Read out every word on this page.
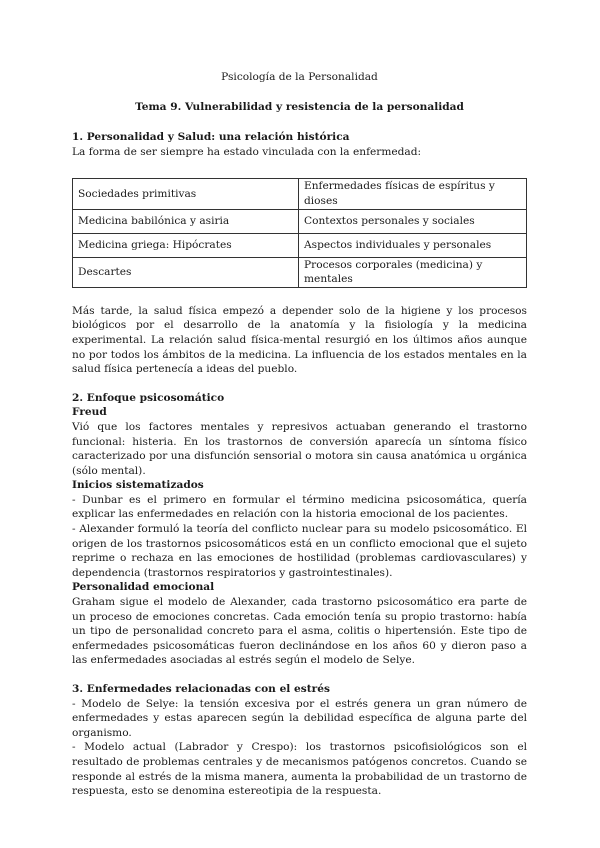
Psicología de la Personalidad
Tema 9. Vulnerabilidad y resistencia de la personalidad
1. Personalidad y Salud: una relación histórica

La forma de ser siempre ha estado vinculada con la enfermedad:

Sociedades primitivas	Enfermedades físicas de espíritus y dioses
Medicina babilónica y asiria	Contextos personales y sociales
Medicina griega: Hipócrates	Aspectos individuales y personales
Descartes	Procesos corporales (medicina) y mentales

Más tarde, la salud física empezó a depender solo de la higiene y los procesos biológicos por el desarrollo de la anatomía y la fisiología y la medicina experimental. La relación salud física-mental resurgió en los últimos años aunque no por todos los ámbitos de la medicina. La influencia de los estados mentales en la salud física pertenecía a ideas del pueblo.

2. Enfoque psicosomático
Freud

Vió que los factores mentales y represivos actuaban generando el trastorno funcional: histeria. En los trastornos de conversión aparecía un síntoma físico caracterizado por una disfunción sensorial o motora sin causa anatómica u orgánica (sólo mental).

Inicios sistematizados

- Dunbar es el primero en formular el término medicina psicosomática, quería explicar las enfermedades en relación con la historia emocional de los pacientes.

- Alexander formuló la teoría del conflicto nuclear para su modelo psicosomático. El origen de los trastornos psicosomáticos está en un conflicto emocional que el sujeto reprime o rechaza en las emociones de hostilidad (problemas cardiovasculares) y dependencia (trastornos respiratorios y gastrointestinales).

Personalidad emocional

Graham sigue el modelo de Alexander, cada trastorno psicosomático era parte de un proceso de emociones concretas. Cada emoción tenía su propio trastorno: había un tipo de personalidad concreto para el asma, colitis o hipertensión. Este tipo de enfermedades psicosomáticas fueron declinándose en los años 60 y dieron paso a las enfermedades asociadas al estrés según el modelo de Selye.

3. Enfermedades relacionadas con el estrés

- Modelo de Selye: la tensión excesiva por el estrés genera un gran número de enfermedades y estas aparecen según la debilidad específica de alguna parte del organismo.

- Modelo actual (Labrador y Crespo): los trastornos psicofisiológicos son el resultado de problemas centrales y de mecanismos patógenos concretos. Cuando se responde al estrés de la misma manera, aumenta la probabilidad de un trastorno de respuesta, esto se denomina estereotipia de la respuesta.
